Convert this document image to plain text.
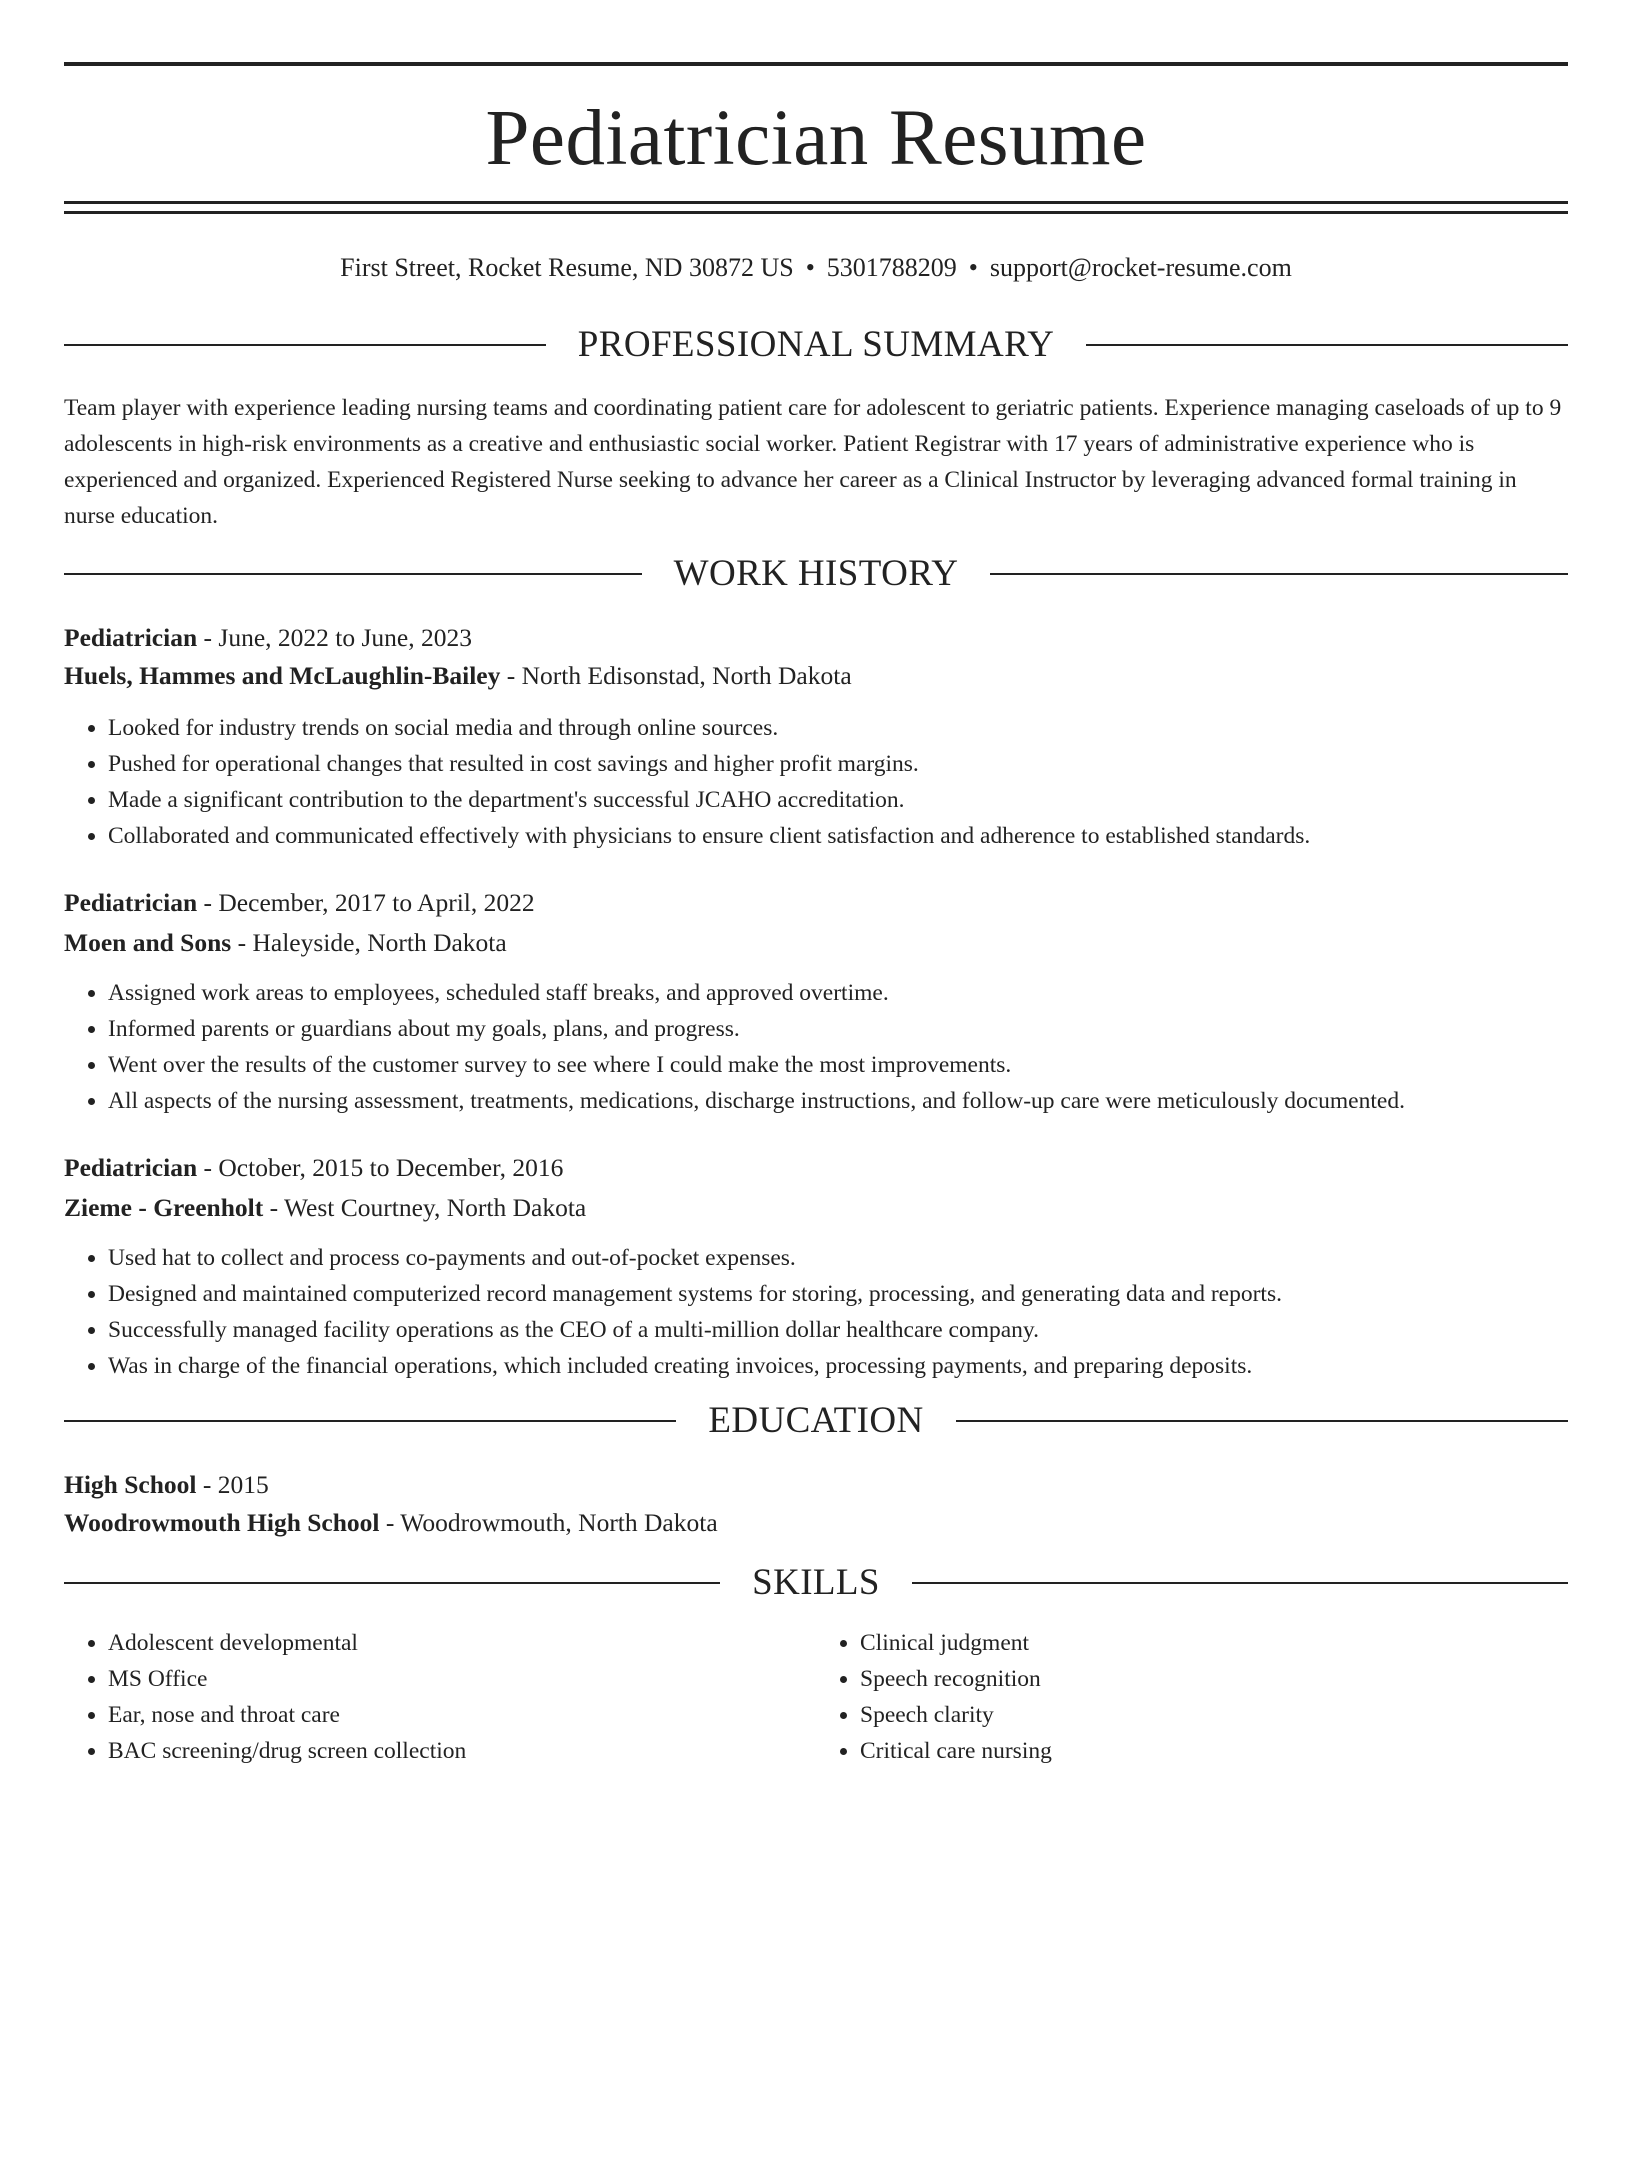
Pediatrician Resume
First Street, Rocket Resume, ND 30872 US • 5301788209 • support@rocket-resume.com
PROFESSIONAL SUMMARY
Team player with experience leading nursing teams and coordinating patient care for adolescent to geriatric patients. Experience managing caseloads of up to 9 adolescents in high-risk environments as a creative and enthusiastic social worker. Patient Registrar with 17 years of administrative experience who is experienced and organized. Experienced Registered Nurse seeking to advance her career as a Clinical Instructor by leveraging advanced formal training in nurse education.
WORK HISTORY
Pediatrician - June, 2022 to June, 2023
Huels, Hammes and McLaughlin-Bailey - North Edisonstad, North Dakota
• Looked for industry trends on social media and through online sources.
• Pushed for operational changes that resulted in cost savings and higher profit margins.
• Made a significant contribution to the department's successful JCAHO accreditation.
• Collaborated and communicated effectively with physicians to ensure client satisfaction and adherence to established standards.
Pediatrician - December, 2017 to April, 2022
Moen and Sons - Haleyside, North Dakota
• Assigned work areas to employees, scheduled staff breaks, and approved overtime.
• Informed parents or guardians about my goals, plans, and progress.
• Went over the results of the customer survey to see where I could make the most improvements.
• All aspects of the nursing assessment, treatments, medications, discharge instructions, and follow-up care were meticulously documented.
Pediatrician - October, 2015 to December, 2016
Zieme - Greenholt - West Courtney, North Dakota
• Used hat to collect and process co-payments and out-of-pocket expenses.
• Designed and maintained computerized record management systems for storing, processing, and generating data and reports.
• Successfully managed facility operations as the CEO of a multi-million dollar healthcare company.
• Was in charge of the financial operations, which included creating invoices, processing payments, and preparing deposits.
EDUCATION
High School - 2015
Woodrowmouth High School - Woodrowmouth, North Dakota
SKILLS
• Adolescent developmental
• MS Office
• Ear, nose and throat care
• BAC screening/drug screen collection
• Clinical judgment
• Speech recognition
• Speech clarity
• Critical care nursing
